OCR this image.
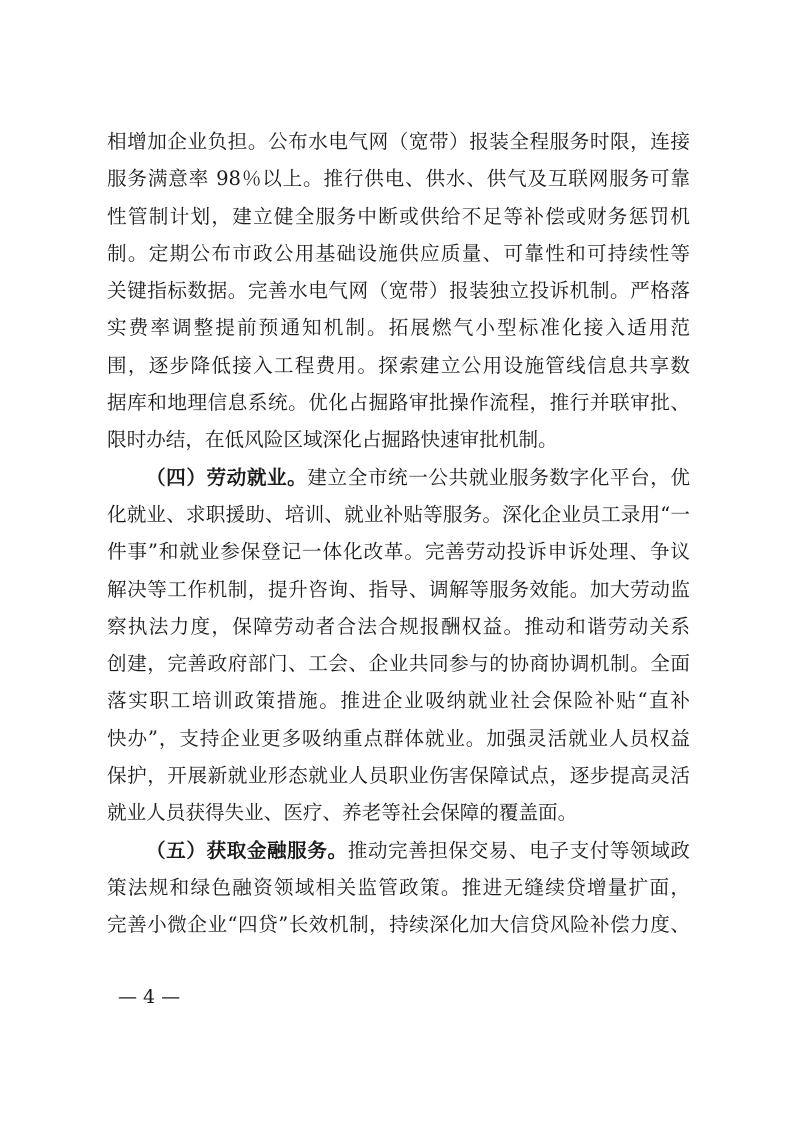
相增加企业负担。公布水电气网（宽带）报装全程服务时限，连接
服务满意率 98％以上。推行供电、供水、供气及互联网服务可靠
性管制计划，建立健全服务中断或供给不足等补偿或财务惩罚机
制。定期公布市政公用基础设施供应质量、可靠性和可持续性等
关键指标数据。完善水电气网（宽带）报装独立投诉机制。严格落
实费率调整提前预通知机制。拓展燃气小型标准化接入适用范
围，逐步降低接入工程费用。探索建立公用设施管线信息共享数
据库和地理信息系统。优化占掘路审批操作流程，推行并联审批、
限时办结，在低风险区域深化占掘路快速审批机制。
（四）劳动就业。建立全市统一公共就业服务数字化平台，优
化就业、求职援助、培训、就业补贴等服务。深化企业员工录用“一
件事”和就业参保登记一体化改革。完善劳动投诉申诉处理、争议
解决等工作机制，提升咨询、指导、调解等服务效能。加大劳动监
察执法力度，保障劳动者合法合规报酬权益。推动和谐劳动关系
创建，完善政府部门、工会、企业共同参与的协商协调机制。全面
落实职工培训政策措施。推进企业吸纳就业社会保险补贴“直补
快办”，支持企业更多吸纳重点群体就业。加强灵活就业人员权益
保护，开展新就业形态就业人员职业伤害保障试点，逐步提高灵活
就业人员获得失业、医疗、养老等社会保障的覆盖面。
（五）获取金融服务。推动完善担保交易、电子支付等领域政
策法规和绿色融资领域相关监管政策。推进无缝续贷增量扩面，
完善小微企业“四贷”长效机制，持续深化加大信贷风险补偿力度、
— 4 —
